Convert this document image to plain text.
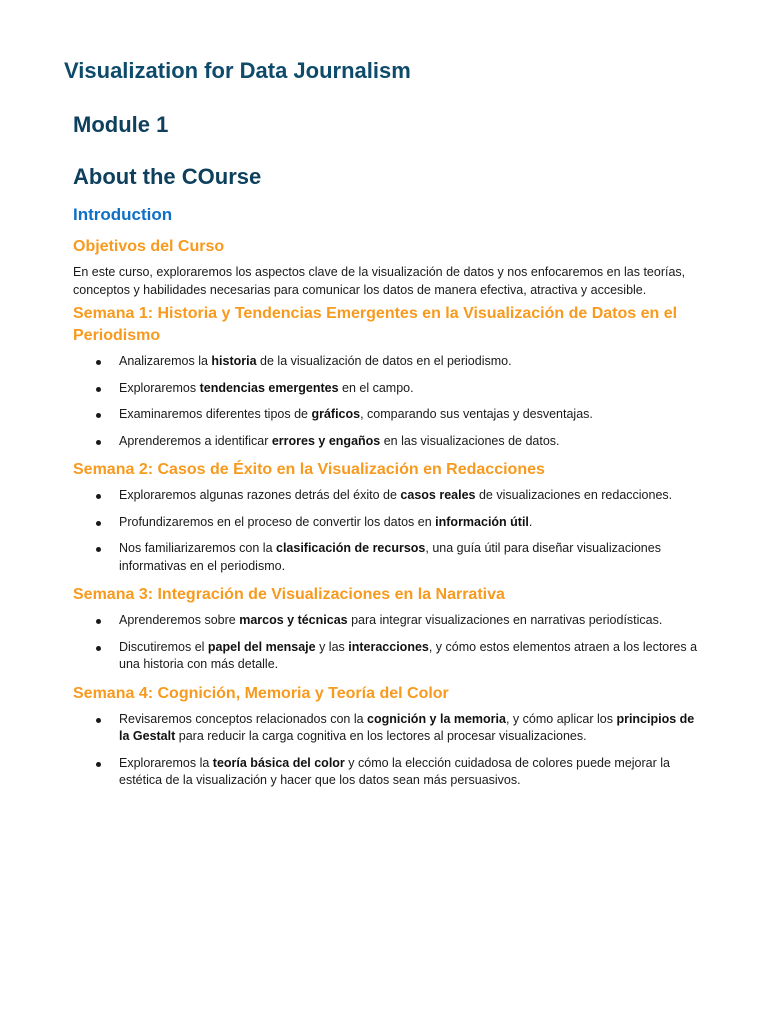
Visualization for Data Journalism
Module 1
About the COurse
Introduction
Objetivos del Curso

En este curso, exploraremos los aspectos clave de la visualización de datos y nos enfocaremos en las teorías, conceptos y habilidades necesarias para comunicar los datos de manera efectiva, atractiva y accesible.

Semana 1: Historia y Tendencias Emergentes en la Visualización de Datos en el Periodismo
Analizaremos la historia de la visualización de datos en el periodismo.
Exploraremos tendencias emergentes en el campo.
Examinaremos diferentes tipos de gráficos, comparando sus ventajas y desventajas.
Aprenderemos a identificar errores y engaños en las visualizaciones de datos.
Semana 2: Casos de Éxito en la Visualización en Redacciones
Exploraremos algunas razones detrás del éxito de casos reales de visualizaciones en redacciones.
Profundizaremos en el proceso de convertir los datos en información útil.
Nos familiarizaremos con la clasificación de recursos, una guía útil para diseñar visualizaciones informativas en el periodismo.
Semana 3: Integración de Visualizaciones en la Narrativa
Aprenderemos sobre marcos y técnicas para integrar visualizaciones en narrativas periodísticas.
Discutiremos el papel del mensaje y las interacciones, y cómo estos elementos atraen a los lectores a una historia con más detalle.
Semana 4: Cognición, Memoria y Teoría del Color
Revisaremos conceptos relacionados con la cognición y la memoria, y cómo aplicar los principios de la Gestalt para reducir la carga cognitiva en los lectores al procesar visualizaciones.
Exploraremos la teoría básica del color y cómo la elección cuidadosa de colores puede mejorar la estética de la visualización y hacer que los datos sean más persuasivos.
